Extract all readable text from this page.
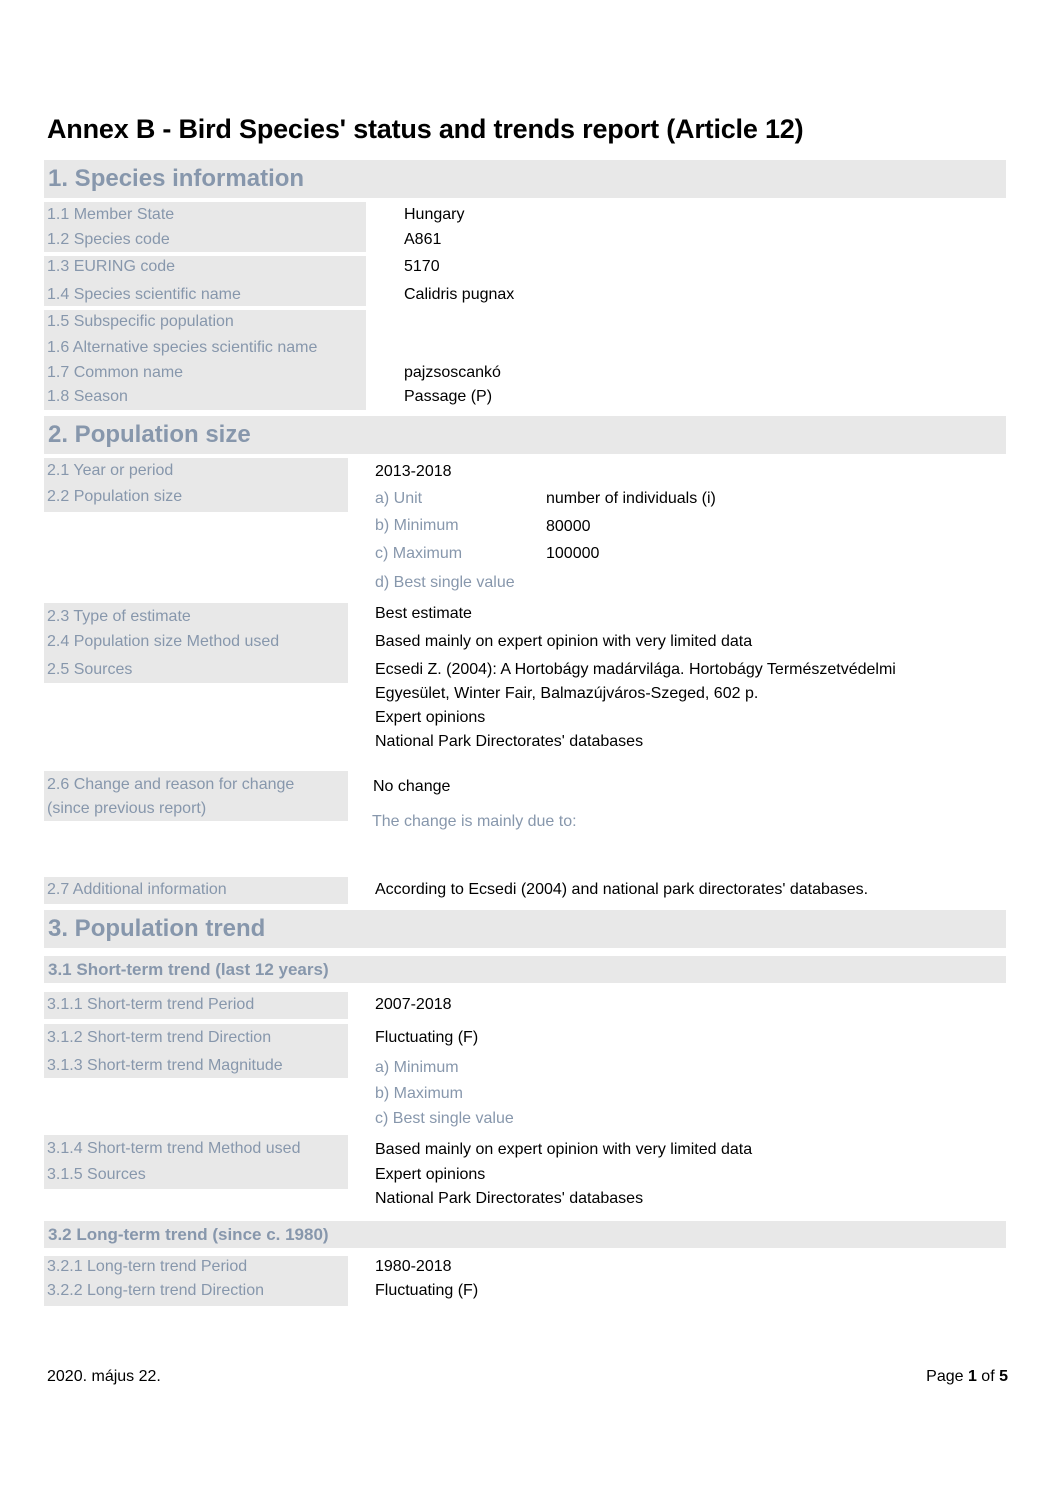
Annex B - Bird Species' status and trends report (Article 12)
1. Species information
1.1 Member State	Hungary
1.2 Species code	A861
1.3 EURING code	5170
1.4 Species scientific name	Calidris pugnax
1.5 Subspecific population
1.6 Alternative species scientific name
1.7 Common name	pajzsoscankó
1.8 Season	Passage (P)
2. Population size
2.1 Year or period	2013-2018
2.2 Population size	a) Unit	number of individuals (i)
b) Minimum	80000
c) Maximum	100000
d) Best single value
2.3 Type of estimate	Best estimate
2.4 Population size Method used	Based mainly on expert opinion with very limited data
2.5 Sources	Ecsedi Z. (2004): A Hortobágy madárvilága. Hortobágy Természetvédelmi
Egyesület, Winter Fair, Balmazújváros-Szeged, 602 p.
Expert opinions
National Park Directorates' databases
2.6 Change and reason for change
(since previous report)
No change
The change is mainly due to:
2.7 Additional information	According to Ecsedi (2004) and national park directorates' databases.
3. Population trend
3.1 Short-term trend (last 12 years)
3.1.1 Short-term trend Period	2007-2018
3.1.2 Short-term trend Direction	Fluctuating (F)
3.1.3 Short-term trend Magnitude	a) Minimum
b) Maximum
c) Best single value
3.1.4 Short-term trend Method used	Based mainly on expert opinion with very limited data
3.1.5 Sources	Expert opinions
National Park Directorates' databases
3.2 Long-term trend (since c. 1980)
3.2.1 Long-tern trend Period	1980-2018
3.2.2 Long-tern trend Direction	Fluctuating (F)
2020. május 22.	Page 1 of 5
